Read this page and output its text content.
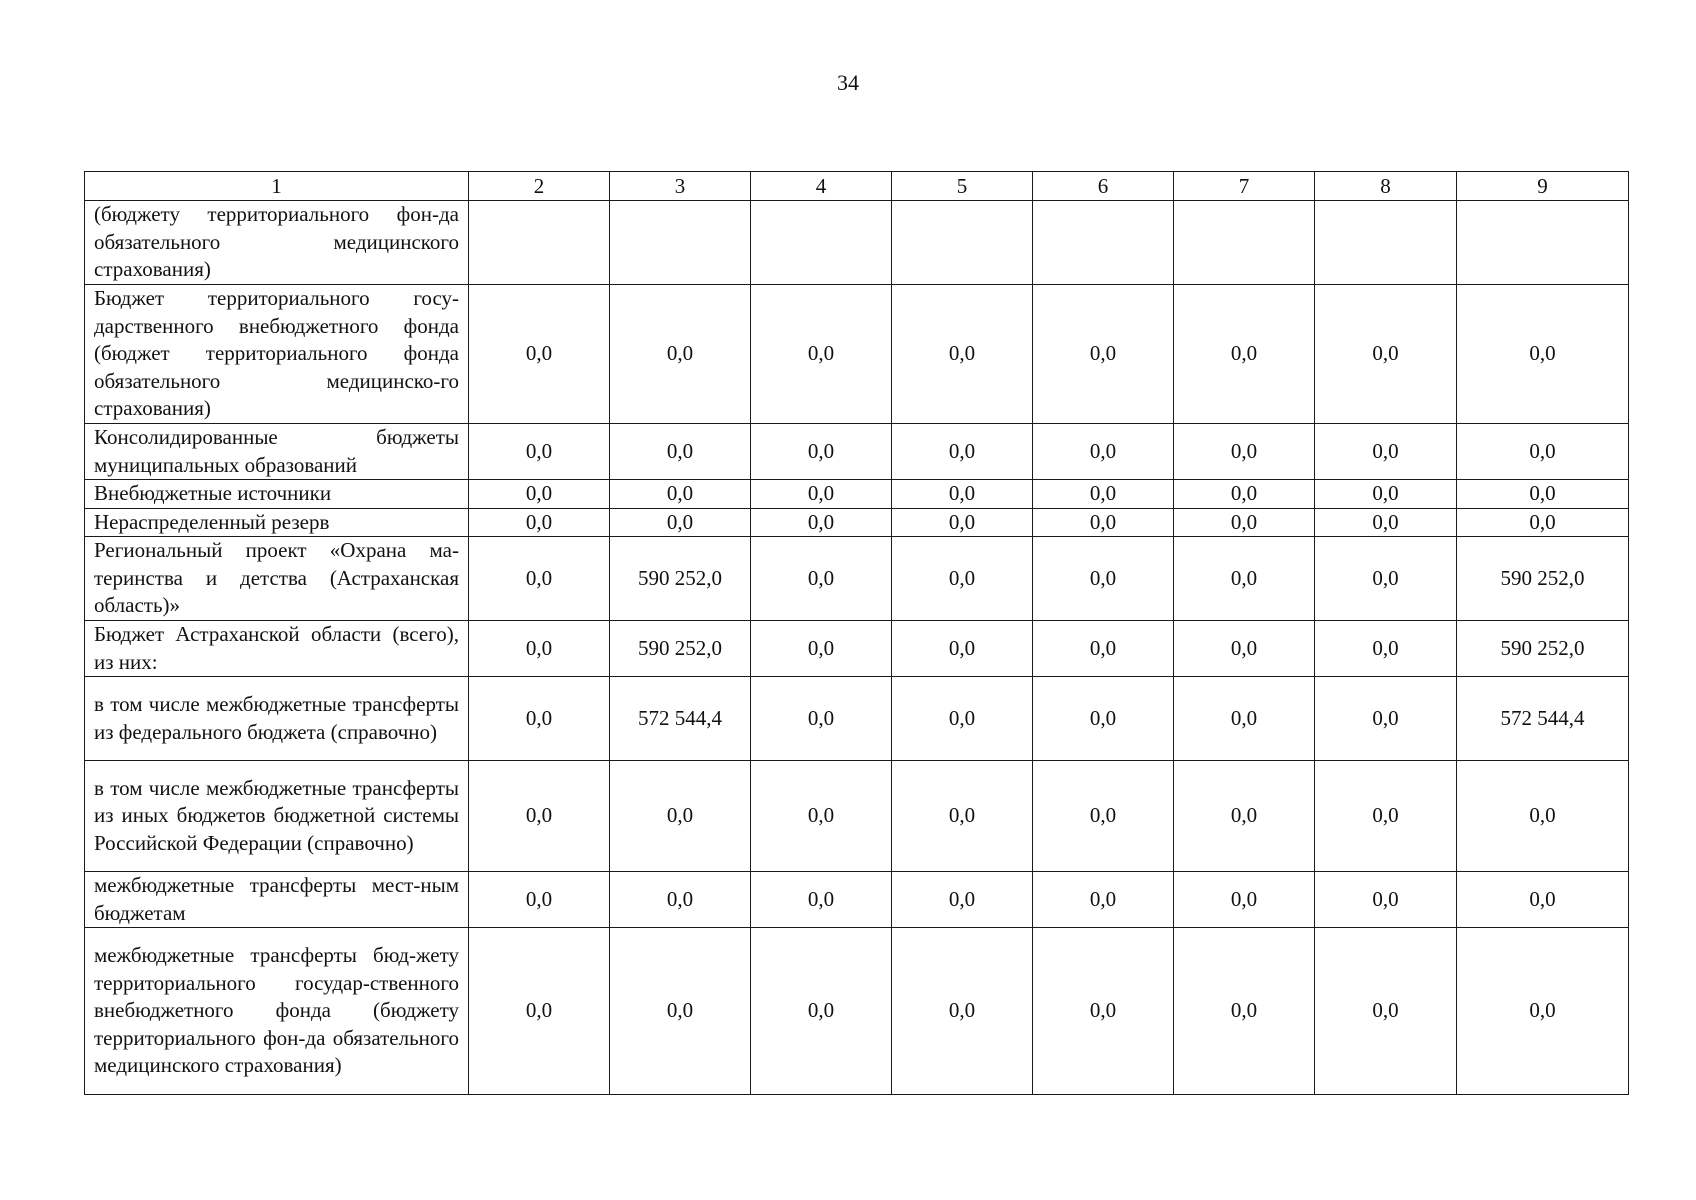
34
1	2	3	4	5	6	7	8	9
(бюджету территориального фон-да обязательного медицинского страхования)								
Бюджет территориального госу-дарственного внебюджетного фонда (бюджет территориального фонда обязательного медицинско-го страхования)	0,0	0,0	0,0	0,0	0,0	0,0	0,0	0,0
Консолидированные бюджеты муниципальных образований	0,0	0,0	0,0	0,0	0,0	0,0	0,0	0,0
Внебюджетные источники	0,0	0,0	0,0	0,0	0,0	0,0	0,0	0,0
Нераспределенный резерв	0,0	0,0	0,0	0,0	0,0	0,0	0,0	0,0
Региональный проект «Охрана ма-теринства и детства (Астраханская область)»	0,0	590 252,0	0,0	0,0	0,0	0,0	0,0	590 252,0
Бюджет Астраханской области (всего), из них:	0,0	590 252,0	0,0	0,0	0,0	0,0	0,0	590 252,0
в том числе межбюджетные трансферты из федерального бюджета (справочно)	0,0	572 544,4	0,0	0,0	0,0	0,0	0,0	572 544,4
в том числе межбюджетные трансферты из иных бюджетов бюджетной системы Российской Федерации (справочно)	0,0	0,0	0,0	0,0	0,0	0,0	0,0	0,0
межбюджетные трансферты мест-ным бюджетам	0,0	0,0	0,0	0,0	0,0	0,0	0,0	0,0
межбюджетные трансферты бюд-жету территориального государ-ственного внебюджетного фонда (бюджету территориального фон-да обязательного медицинского страхования)	0,0	0,0	0,0	0,0	0,0	0,0	0,0	0,0
